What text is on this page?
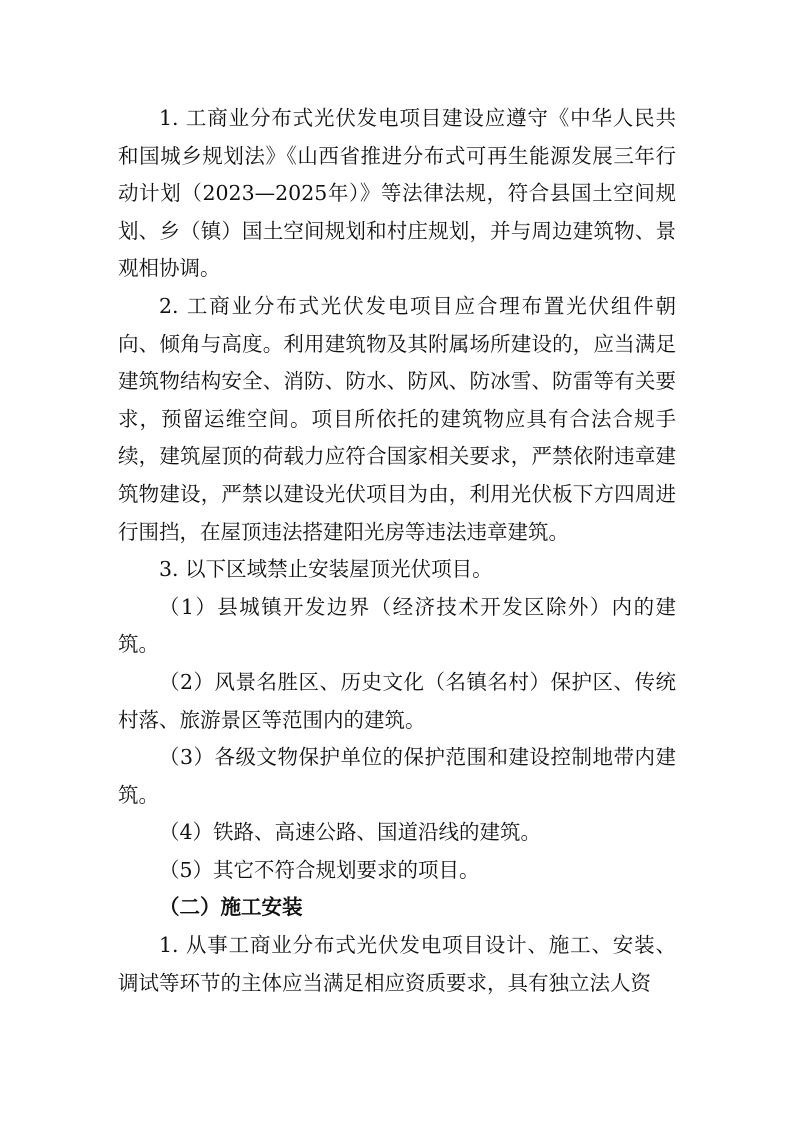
1. 工商业分布式光伏发电项目建设应遵守《中华人民共和国城乡规划法》《山西省推进分布式可再生能源发展三年行动计划（2023—2025年）》等法律法规，符合县国土空间规划、乡（镇）国土空间规划和村庄规划，并与周边建筑物、景观相协调。

2. 工商业分布式光伏发电项目应合理布置光伏组件朝向、倾角与高度。利用建筑物及其附属场所建设的，应当满足建筑物结构安全、消防、防水、防风、防冰雪、防雷等有关要求，预留运维空间。项目所依托的建筑物应具有合法合规手续，建筑屋顶的荷载力应符合国家相关要求，严禁依附违章建筑物建设，严禁以建设光伏项目为由，利用光伏板下方四周进行围挡，在屋顶违法搭建阳光房等违法违章建筑。

3. 以下区域禁止安装屋顶光伏项目。

（1）县城镇开发边界（经济技术开发区除外）内的建筑。

（2）风景名胜区、历史文化（名镇名村）保护区、传统村落、旅游景区等范围内的建筑。

（3）各级文物保护单位的保护范围和建设控制地带内建筑。

（4）铁路、高速公路、国道沿线的建筑。

（5）其它不符合规划要求的项目。

（二）施工安装

1. 从事工商业分布式光伏发电项目设计、施工、安装、调试等环节的主体应当满足相应资质要求，具有独立法人资
